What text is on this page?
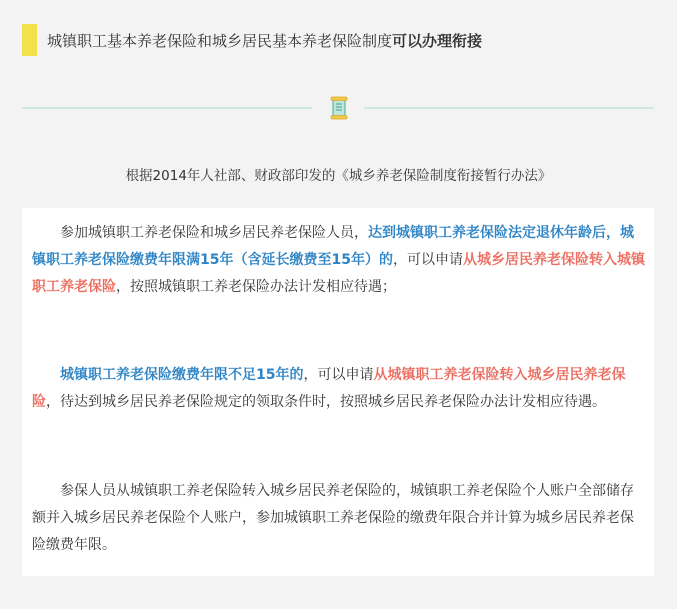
城镇职工基本养老保险和城乡居民基本养老保险制度可以办理衔接
根据2014年人社部、财政部印发的《城乡养老保险制度衔接暂行办法》

参加城镇职工养老保险和城乡居民养老保险人员，达到城镇职工养老保险法定退休年龄后，城镇职工养老保险缴费年限满15年（含延长缴费至15年）的，可以申请从城乡居民养老保险转入城镇职工养老保险，按照城镇职工养老保险办法计发相应待遇；

城镇职工养老保险缴费年限不足15年的，可以申请从城镇职工养老保险转入城乡居民养老保险，待达到城乡居民养老保险规定的领取条件时，按照城乡居民养老保险办法计发相应待遇。

参保人员从城镇职工养老保险转入城乡居民养老保险的，城镇职工养老保险个人账户全部储存额并入城乡居民养老保险个人账户，参加城镇职工养老保险的缴费年限合并计算为城乡居民养老保险缴费年限。
